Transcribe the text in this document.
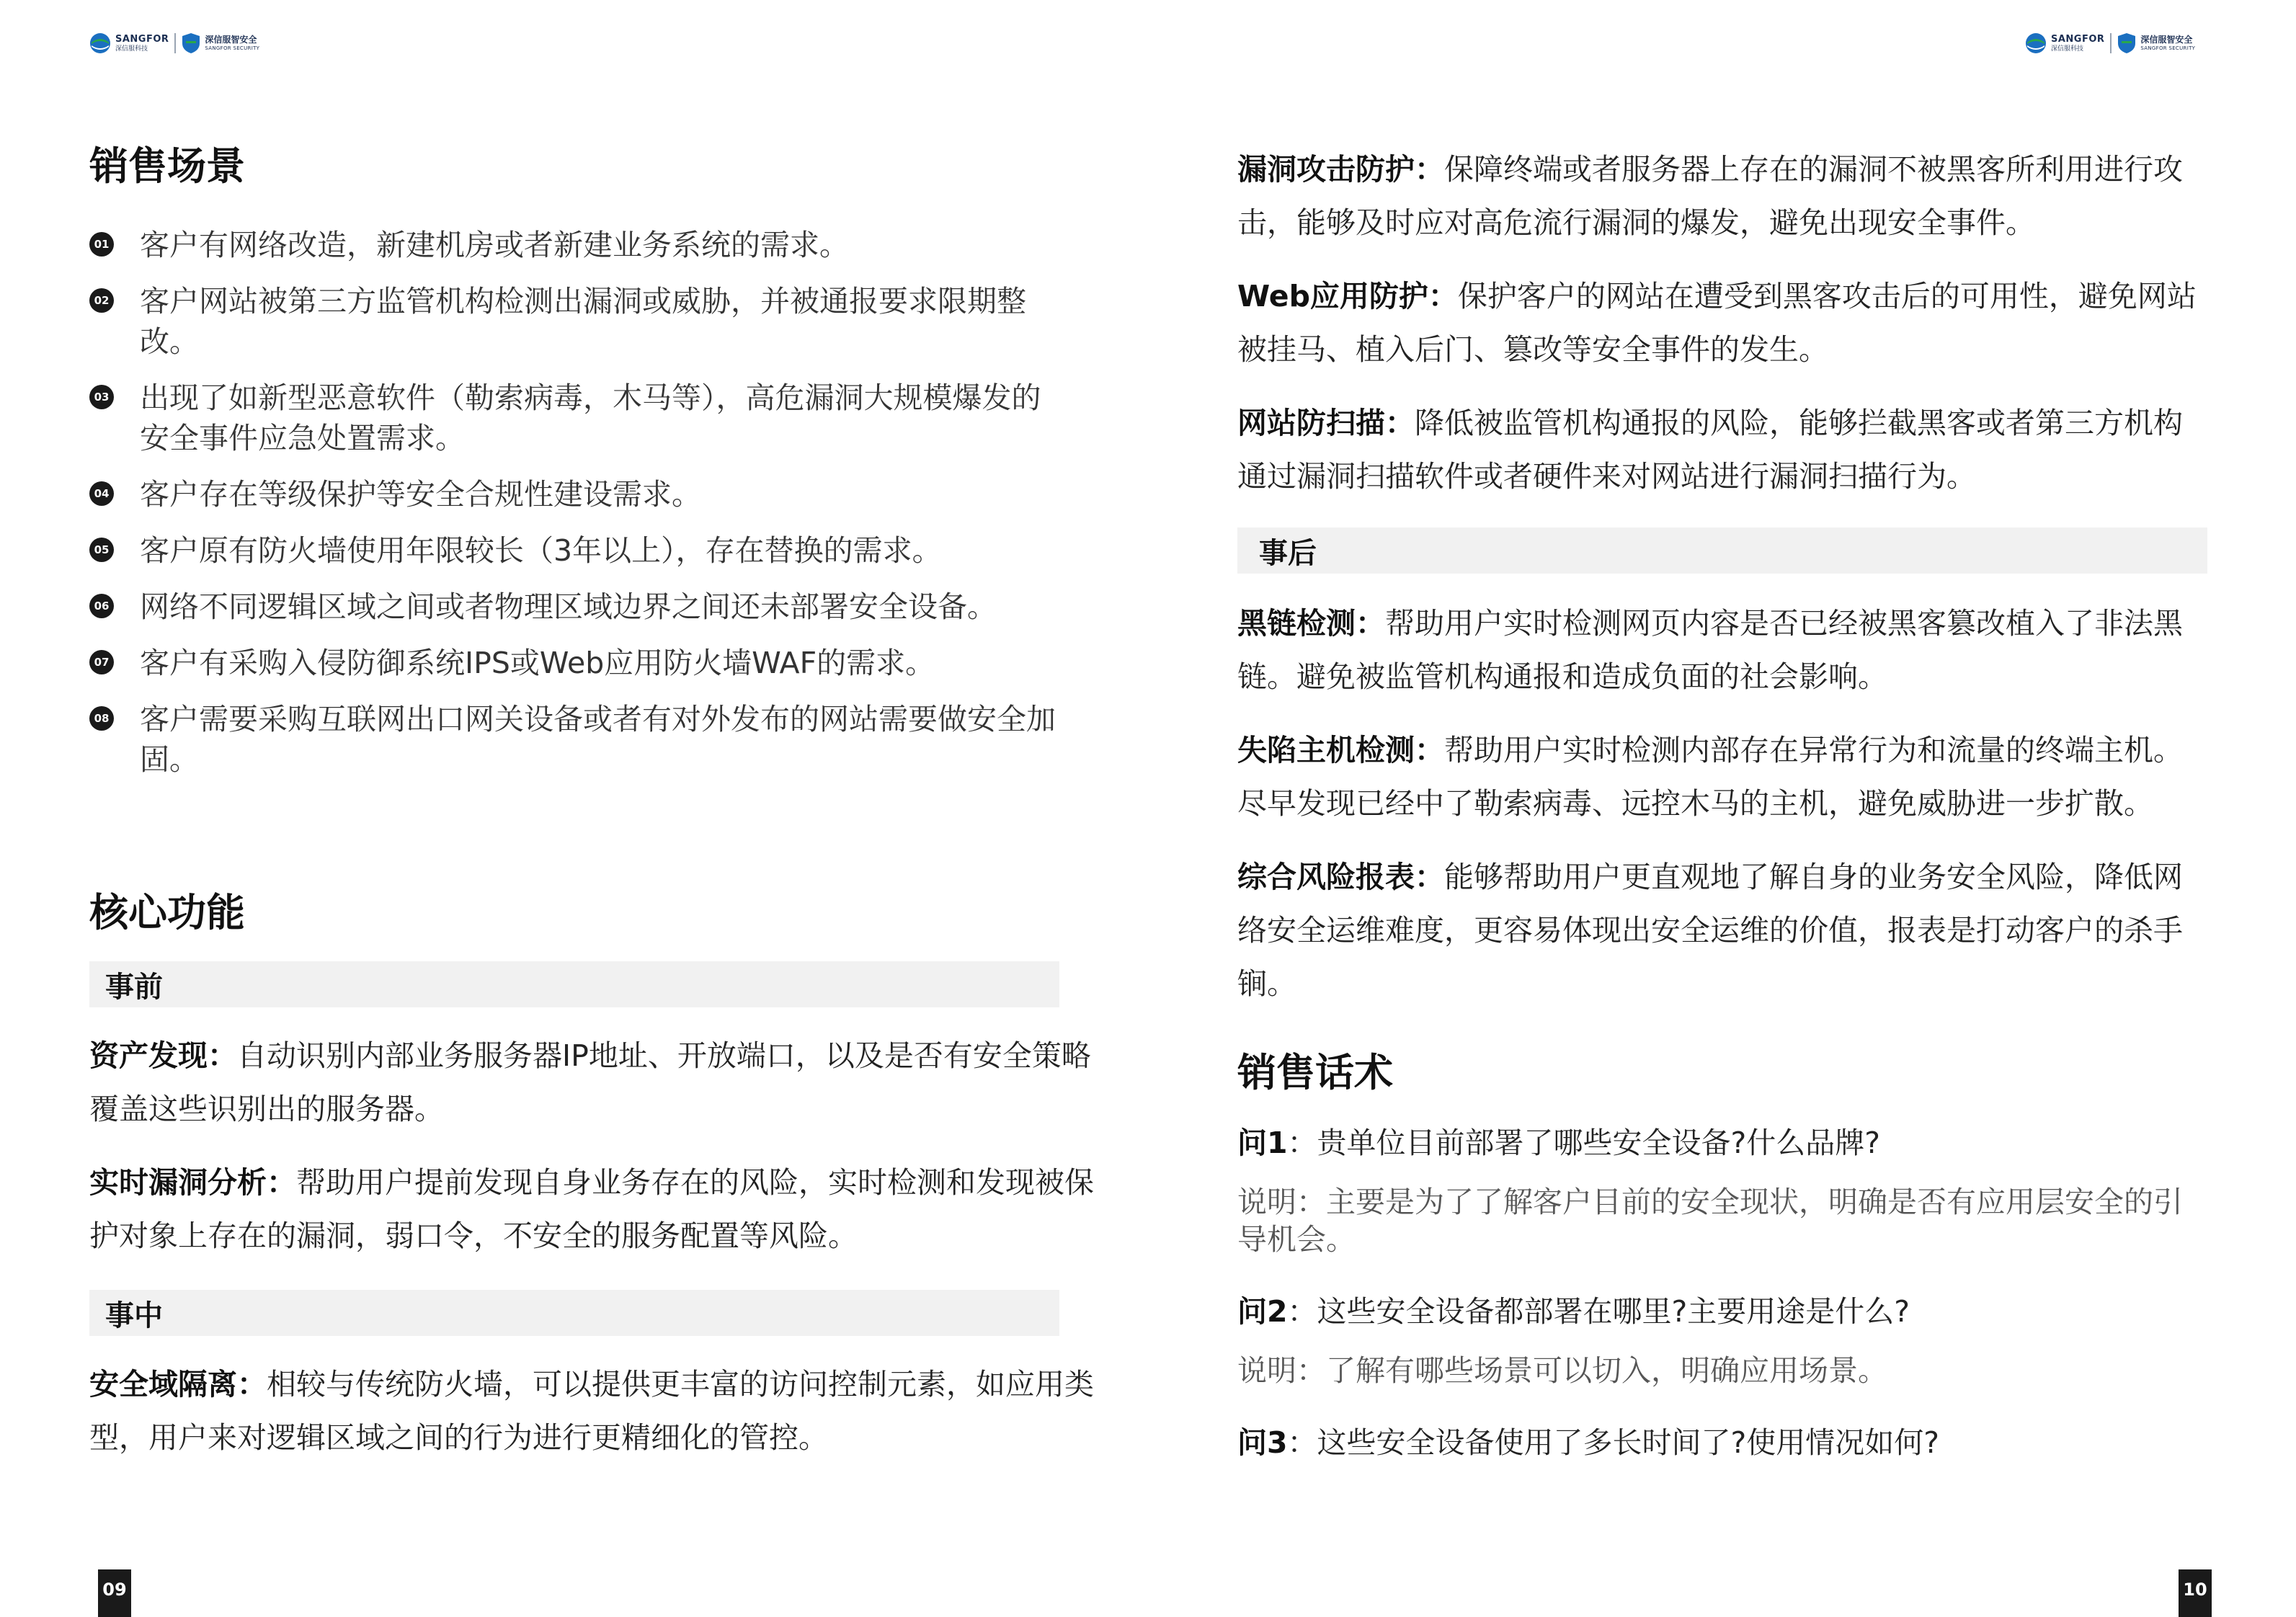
SANGFOR
深信服科技
深信服智安全
SANGFOR SECURITY
销售场景
01 客户有网络改造，新建机房或者新建业务系统的需求。
02 客户网站被第三方监管机构检测出漏洞或威胁，并被通报要求限期整改。
03 出现了如新型恶意软件（勒索病毒，木马等），高危漏洞大规模爆发的安全事件应急处置需求。
04 客户存在等级保护等安全合规性建设需求。
05 客户原有防火墙使用年限较长（3年以上），存在替换的需求。
06 网络不同逻辑区域之间或者物理区域边界之间还未部署安全设备。
07 客户有采购入侵防御系统IPS或Web应用防火墙WAF的需求。
08 客户需要采购互联网出口网关设备或者有对外发布的网站需要做安全加固。
核心功能
事前

资产发现：自动识别内部业务服务器IP地址、开放端口，以及是否有安全策略覆盖这些识别出的服务器。

实时漏洞分析：帮助用户提前发现自身业务存在的风险，实时检测和发现被保护对象上存在的漏洞，弱口令，不安全的服务配置等风险。

事中

安全域隔离：相较与传统防火墙，可以提供更丰富的访问控制元素，如应用类型，用户来对逻辑区域之间的行为进行更精细化的管控。

09
SANGFOR
深信服科技
深信服智安全
SANGFOR SECURITY

漏洞攻击防护：保障终端或者服务器上存在的漏洞不被黑客所利用进行攻击，能够及时应对高危流行漏洞的爆发，避免出现安全事件。

Web应用防护：保护客户的网站在遭受到黑客攻击后的可用性，避免网站被挂马、植入后门、篡改等安全事件的发生。

网站防扫描：降低被监管机构通报的风险，能够拦截黑客或者第三方机构通过漏洞扫描软件或者硬件来对网站进行漏洞扫描行为。

事后

黑链检测：帮助用户实时检测网页内容是否已经被黑客篡改植入了非法黑链。避免被监管机构通报和造成负面的社会影响。

失陷主机检测：帮助用户实时检测内部存在异常行为和流量的终端主机。尽早发现已经中了勒索病毒、远控木马的主机，避免威胁进一步扩散。

综合风险报表：能够帮助用户更直观地了解自身的业务安全风险，降低网络安全运维难度，更容易体现出安全运维的价值，报表是打动客户的杀手锏。

销售话术

问1：贵单位目前部署了哪些安全设备?什么品牌?

说明：主要是为了了解客户目前的安全现状，明确是否有应用层安全的引导机会。

问2：这些安全设备都部署在哪里?主要用途是什么?

说明：了解有哪些场景可以切入，明确应用场景。

问3：这些安全设备使用了多长时间了?使用情况如何?

10
